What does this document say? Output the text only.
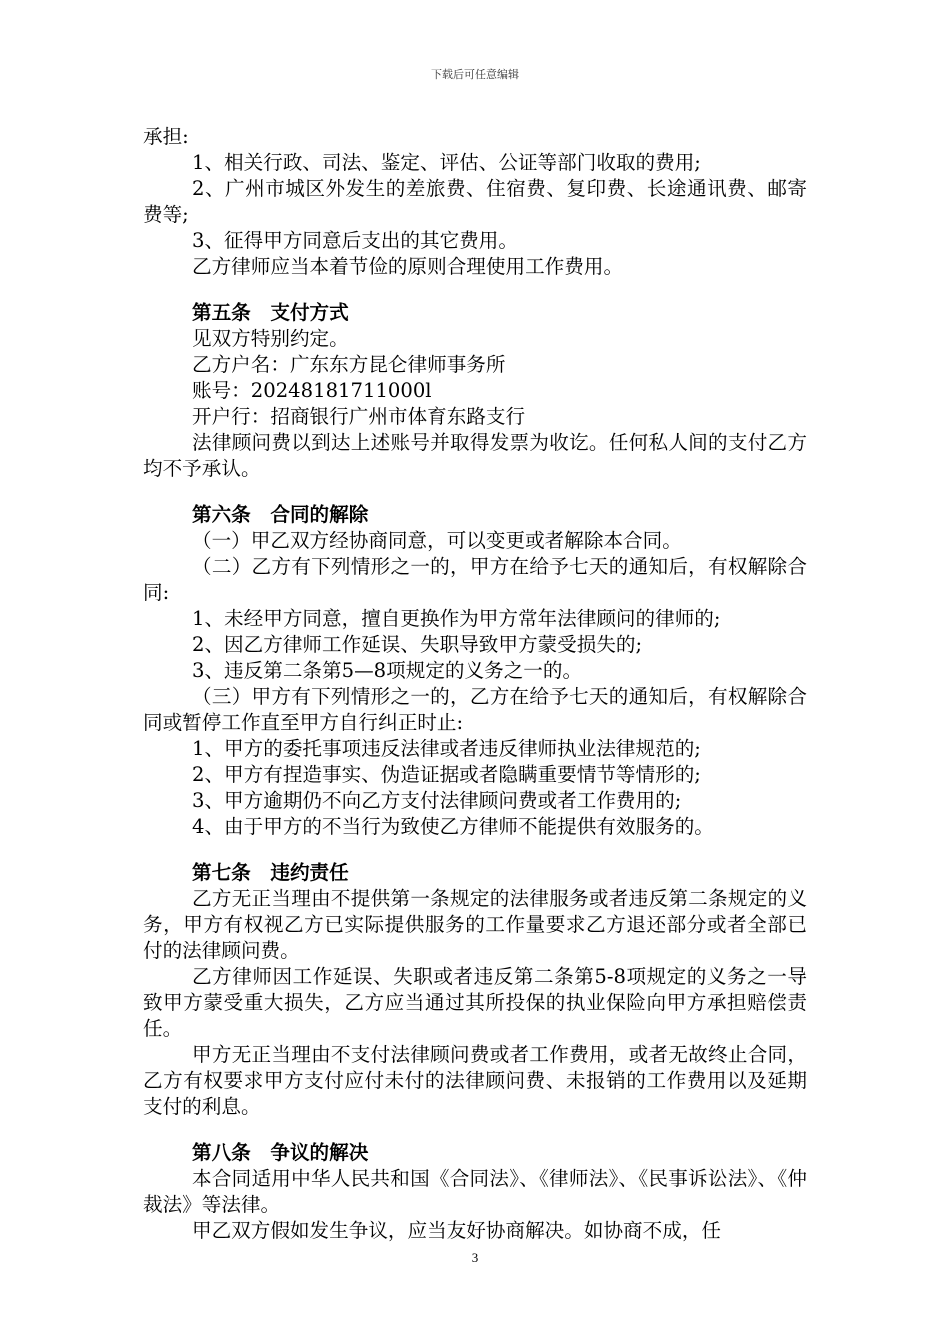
下载后可任意编辑

承担:

1、相关行政、司法、鉴定、评估、公证等部门收取的费用;

2、广州市城区外发生的差旅费、住宿费、复印费、长途通讯费、邮寄费等;

3、征得甲方同意后支出的其它费用。

乙方律师应当本着节俭的原则合理使用工作费用。

第五条　支付方式

见双方特别约定。

乙方户名：广东东方昆仑律师事务所

账号：20248181711000l

开户行：招商银行广州市体育东路支行

法律顾问费以到达上述账号并取得发票为收讫。任何私人间的支付乙方均不予承认。

第六条　合同的解除

（一）甲乙双方经协商同意，可以变更或者解除本合同。

（二）乙方有下列情形之一的，甲方在给予七天的通知后，有权解除合同:

1、未经甲方同意，擅自更换作为甲方常年法律顾问的律师的;

2、因乙方律师工作延误、失职导致甲方蒙受损失的;

3、违反第二条第5—8项规定的义务之一的。

（三）甲方有下列情形之一的，乙方在给予七天的通知后，有权解除合同或暂停工作直至甲方自行纠正时止:

1、甲方的委托事项违反法律或者违反律师执业法律规范的;

2、甲方有捏造事实、伪造证据或者隐瞒重要情节等情形的;

3、甲方逾期仍不向乙方支付法律顾问费或者工作费用的;

4、由于甲方的不当行为致使乙方律师不能提供有效服务的。

第七条　违约责任

乙方无正当理由不提供第一条规定的法律服务或者违反第二条规定的义务，甲方有权视乙方已实际提供服务的工作量要求乙方退还部分或者全部已付的法律顾问费。

乙方律师因工作延误、失职或者违反第二条第5-8项规定的义务之一导致甲方蒙受重大损失，乙方应当通过其所投保的执业保险向甲方承担赔偿责任。

甲方无正当理由不支付法律顾问费或者工作费用，或者无故终止合同，乙方有权要求甲方支付应付未付的法律顾问费、未报销的工作费用以及延期支付的利息。

第八条　争议的解决

本合同适用中华人民共和国《合同法》、《律师法》、《民事诉讼法》、《仲裁法》等法律。

甲乙双方假如发生争议，应当友好协商解决。如协商不成，任

3
